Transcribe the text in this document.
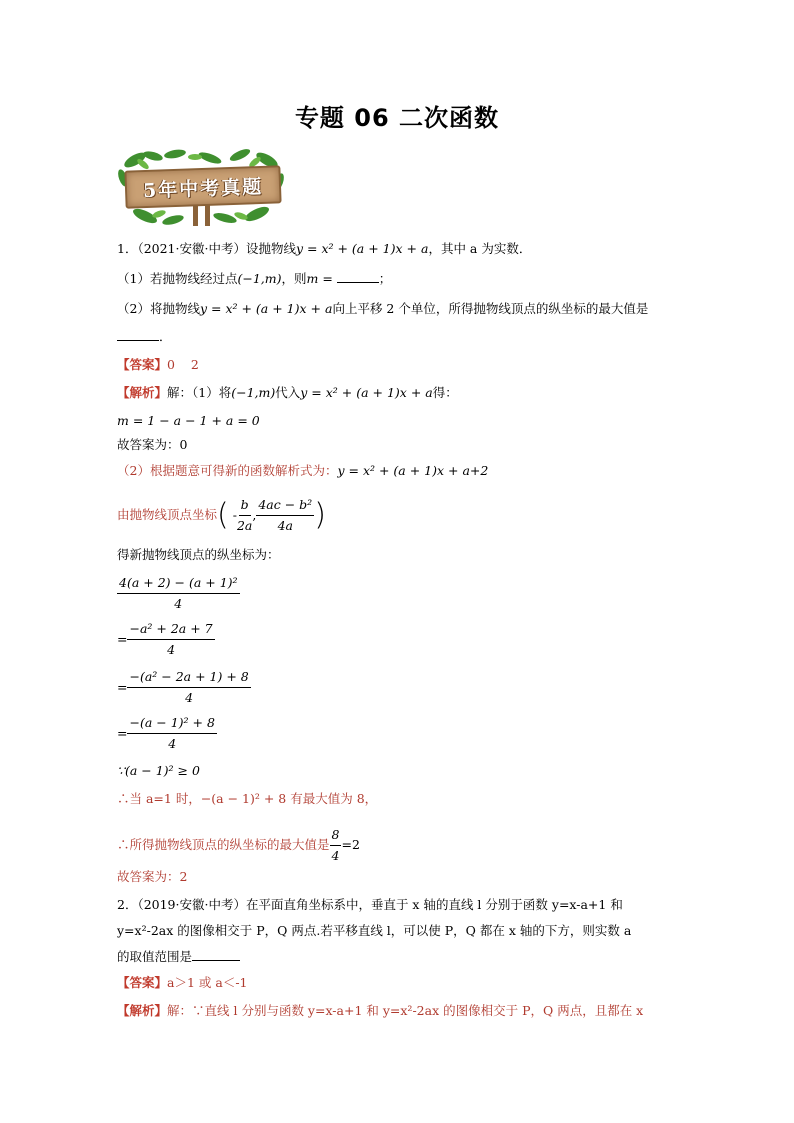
专题 06 二次函数
5年中考真题
1．（2021·安徽·中考）设抛物线y = x² + (a + 1)x + a，其中 a 为实数．
（1）若抛物线经过点(−1,m)，则m =	；
（2）将抛物线y = x² + (a + 1)x + a向上平移 2 个单位，所得抛物线顶点的纵坐标的最大值是
．
【答案】0    2
【解析】解：（1）将(−1,m)代入y = x² + (a + 1)x + a得：
m = 1 − a − 1 + a = 0
故答案为：0
（2）根据题意可得新的函数解析式为：y = x² + (a + 1)x + a+2
由抛物线顶点坐标( - $\frac{b}{2a}$ , $\frac{\text{4ac − b²}}{4a}$ )
得新抛物线顶点的纵坐标为：
$\frac{\text{4(a + 2) − (a + 1)²}}{4}$
= $\frac{\text{−a² + 2a + 7}}{4}$
= $\frac{\text{−(a² − 2a + 1) + 8}}{4}$
= $\frac{\text{−(a − 1)² + 8}}{4}$
∵(a − 1)² ≥ 0
∴当 a=1 时，−(a − 1)² + 8 有最大值为 8，
∴所得抛物线顶点的纵坐标的最大值是 $\frac{8}{4} =2$
故答案为：2
2．（2019·安徽·中考）在平面直角坐标系中，垂直于 x 轴的直线 l 分别于函数 y=x-a+1 和
y=x²-2ax 的图像相交于 P，Q 两点.若平移直线 l，可以使 P，Q 都在 x 轴的下方，则实数 a
的取值范围是
【答案】a＞1 或 a＜-1
【解析】解：∵直线 l 分别与函数 y=x-a+1 和 y=x²-2ax 的图像相交于 P，Q 两点，且都在 x
